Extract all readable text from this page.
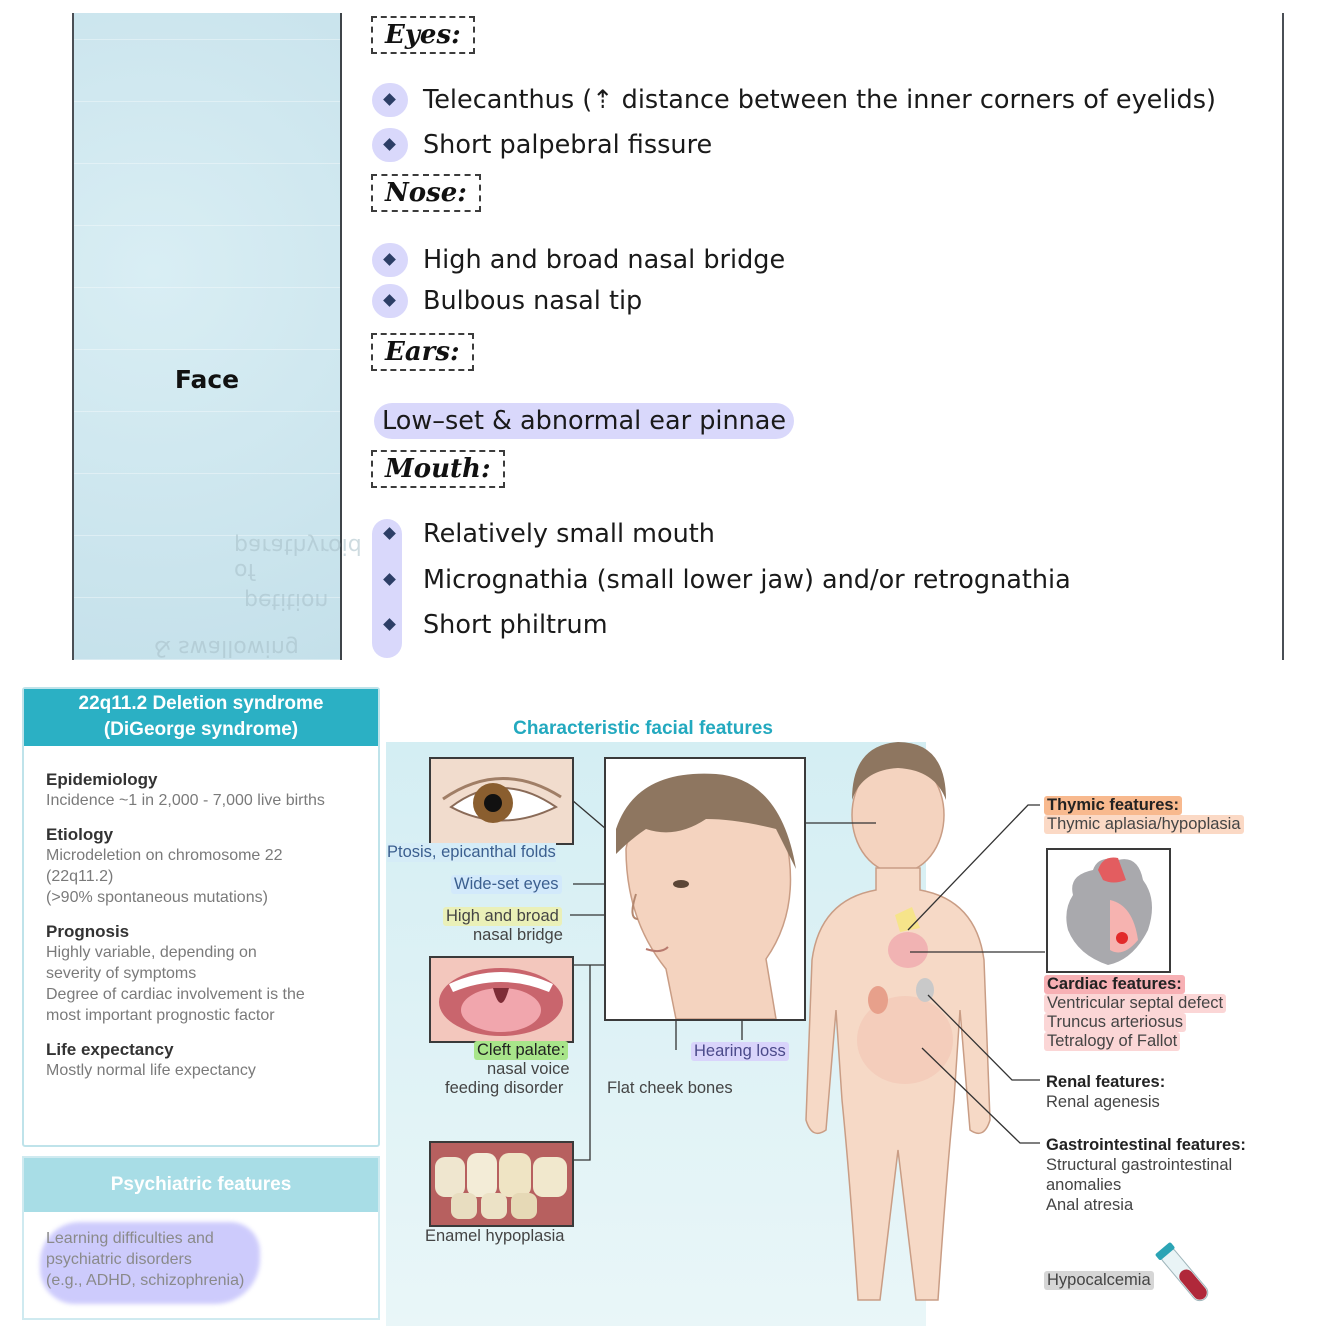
of parathyroid
petition
& swallowing
Face
Eyes:
Telecanthus (⇡ distance between the inner corners of eyelids)
Short palpebral fissure
Nose:
High and broad nasal bridge
Bulbous nasal tip
Ears:
Low–set & abnormal ear pinnae
Mouth:
Relatively small mouth
Micrognathia (small lower jaw) and/or retrognathia
Short philtrum
22q11.2 Deletion syndrome
(DiGeorge syndrome)
Epidemiology
Incidence ~1 in 2,000 - 7,000 live births
Etiology
Microdeletion on chromosome 22
(22q11.2)
(>90% spontaneous mutations)
Prognosis
Highly variable, depending on
severity of symptoms
Degree of cardiac involvement is the
most important prognostic factor
Life expectancy
Mostly normal life expectancy
Psychiatric features
Learning difficulties and
psychiatric disorders
(e.g., ADHD, schizophrenia)
Characteristic facial features
Ptosis, epicanthal folds
Wide-set eyes
High and broad
nasal bridge
Cleft palate:
nasal voice
feeding disorder
Hearing loss
Flat cheek bones
Enamel hypoplasia
Thymic features:
Thymic aplasia/hypoplasia
Cardiac features:
Ventricular septal defect
Truncus arteriosus
Tetralogy of Fallot
Renal features:
Renal agenesis
Gastrointestinal features:
Structural gastrointestinal
anomalies
Anal atresia
Hypocalcemia
